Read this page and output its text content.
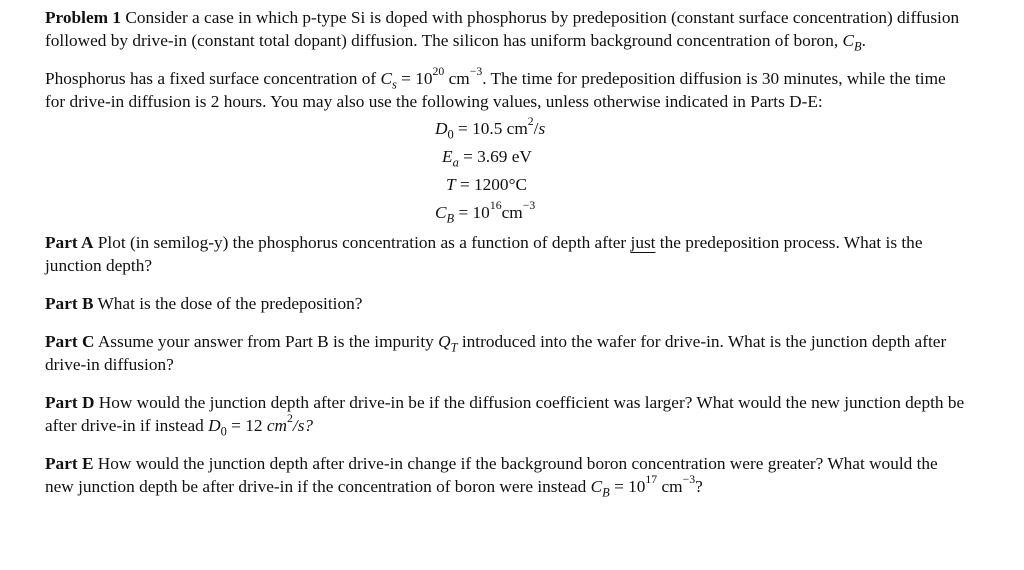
Problem 1 Consider a case in which p-type Si is doped with phosphorus by predeposition (constant surface concentration) diffusion followed by drive-in (constant total dopant) diffusion. The silicon has uniform background concentration of boron, $C_B$.

Phosphorus has a fixed surface concentration of $C_s = 10^{20}$ $cm^{-3}$. The time for predeposition diffusion is 30 minutes, while the time for drive-in diffusion is 2 hours. You may also use the following values, unless otherwise indicated in Parts D-E:

$D_0 = 10.5$ $cm^2/s$
$E_a = 3.69$ eV
T = 1200°C
$C_B = 10^{16}cm^{-3}$

Part A Plot (in semilog-y) the phosphorus concentration as a function of depth after just the predeposition process. What is the junction depth?

Part B What is the dose of the predeposition?

Part C Assume your answer from Part B is the impurity $Q_T$ introduced into the wafer for drive-in. What is the junction depth after drive-in diffusion?

Part D How would the junction depth after drive-in be if the diffusion coefficient was larger? What would the new junction depth be after drive-in if instead $D_0 = 12$ $cm^2/s$?

Part E How would the junction depth after drive-in change if the background boron concentration were greater? What would the new junction depth be after drive-in if the concentration of boron were instead $C_B = 10^{17}$ $cm^{-3}$?
